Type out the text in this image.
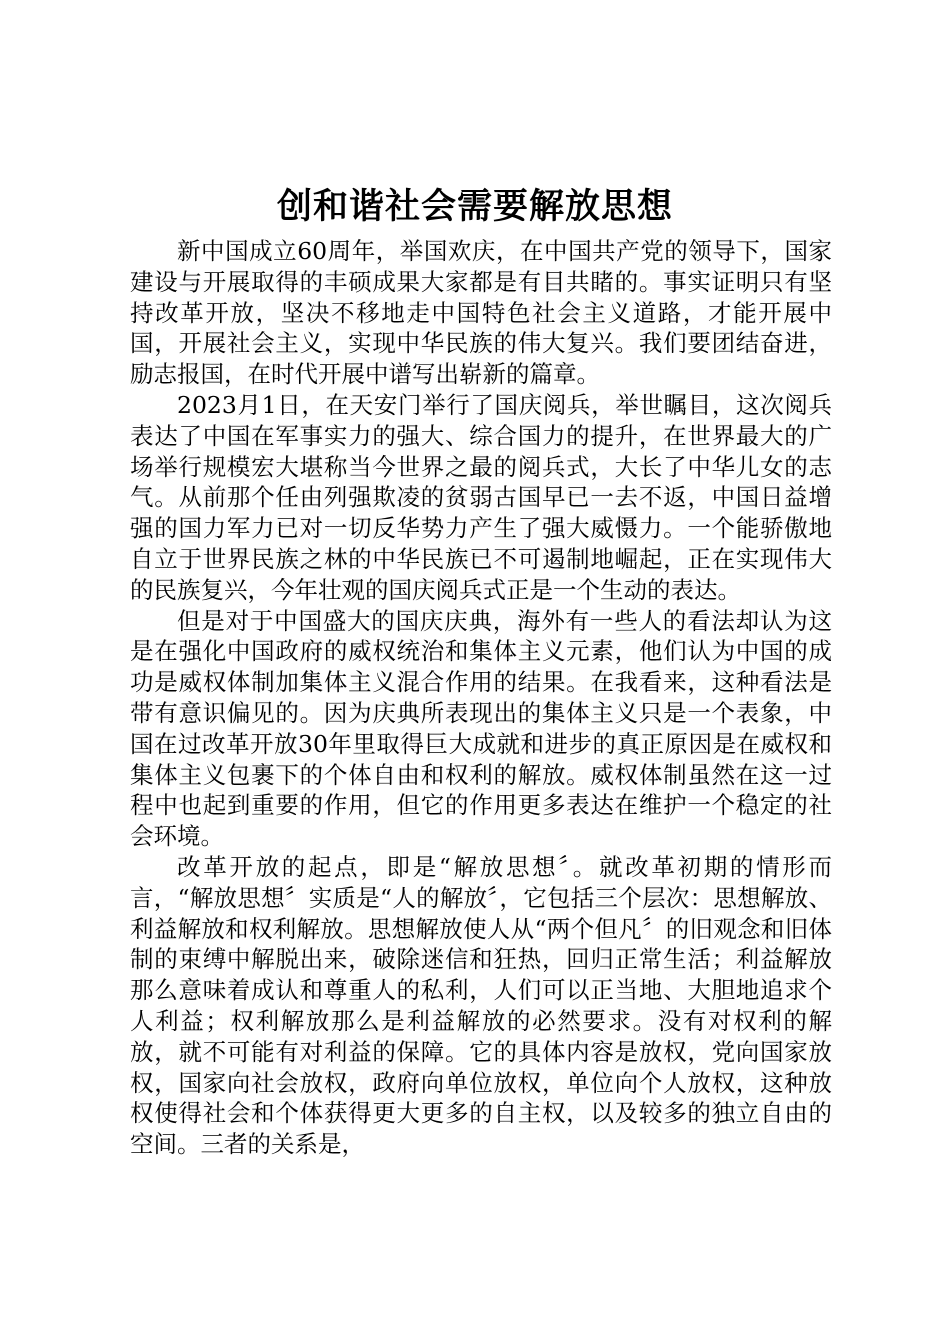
创和谐社会需要解放思想

新中国成立60周年，举国欢庆，在中国共产党的领导下，国家建设与开展取得的丰硕成果大家都是有目共睹的。事实证明只有坚持改革开放，坚决不移地走中国特色社会主义道路，才能开展中国，开展社会主义，实现中华民族的伟大复兴。我们要团结奋进，励志报国，在时代开展中谱写出崭新的篇章。

2023月1日，在天安门举行了国庆阅兵，举世瞩目，这次阅兵表达了中国在军事实力的强大、综合国力的提升，在世界最大的广场举行规模宏大堪称当今世界之最的阅兵式，大长了中华儿女的志气。从前那个任由列强欺凌的贫弱古国早已一去不返，中国日益增强的国力军力已对一切反华势力产生了强大威慑力。一个能骄傲地自立于世界民族之林的中华民族已不可遏制地崛起，正在实现伟大的民族复兴，今年壮观的国庆阅兵式正是一个生动的表达。

但是对于中国盛大的国庆庆典，海外有一些人的看法却认为这是在强化中国政府的威权统治和集体主义元素，他们认为中国的成功是威权体制加集体主义混合作用的结果。在我看来，这种看法是带有意识偏见的。因为庆典所表现出的集体主义只是一个表象，中国在过改革开放30年里取得巨大成就和进步的真正原因是在威权和集体主义包裹下的个体自由和权利的解放。威权体制虽然在这一过程中也起到重要的作用，但它的作用更多表达在维护一个稳定的社会环境。

改革开放的起点，即是“解放思想〞。就改革初期的情形而言，“解放思想〞实质是“人的解放〞，它包括三个层次：思想解放、利益解放和权利解放。思想解放使人从“两个但凡〞的旧观念和旧体制的束缚中解脱出来，破除迷信和狂热，回归正常生活；利益解放那么意味着成认和尊重人的私利，人们可以正当地、大胆地追求个人利益；权利解放那么是利益解放的必然要求。没有对权利的解放，就不可能有对利益的保障。它的具体内容是放权，党向国家放权，国家向社会放权，政府向单位放权，单位向个人放权，这种放权使得社会和个体获得更大更多的自主权，以及较多的独立自由的空间。三者的关系是，
